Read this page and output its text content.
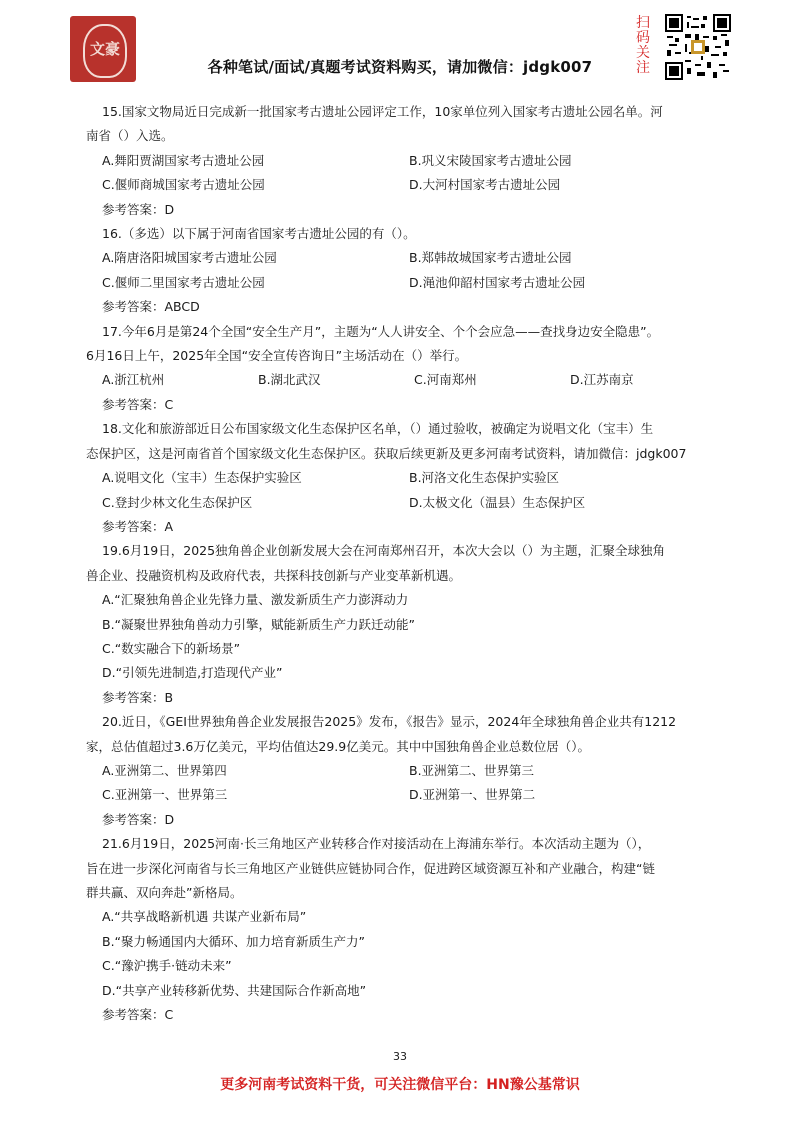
文豪
各种笔试/面试/真题考试资料购买，请加微信：jdgk007
扫码关注
15.国家文物局近日完成新一批国家考古遗址公园评定工作，10家单位列入国家考古遗址公园名单。河
南省（）入选。
A.舞阳贾湖国家考古遗址公园	B.巩义宋陵国家考古遗址公园
C.偃师商城国家考古遗址公园	D.大河村国家考古遗址公园
参考答案：D
16.（多选）以下属于河南省国家考古遗址公园的有（）。
A.隋唐洛阳城国家考古遗址公园	B.郑韩故城国家考古遗址公园
C.偃师二里国家考古遗址公园	D.渑池仰韶村国家考古遗址公园
参考答案：ABCD
17.今年6月是第24个全国“安全生产月”，主题为“人人讲安全、个个会应急——查找身边安全隐患”。
6月16日上午，2025年全国“安全宣传咨询日”主场活动在（）举行。
A.浙江杭州	B.湖北武汉	C.河南郑州	D.江苏南京
参考答案：C
18.文化和旅游部近日公布国家级文化生态保护区名单，（）通过验收，被确定为说唱文化（宝丰）生
态保护区，这是河南省首个国家级文化生态保护区。获取后续更新及更多河南考试资料，请加微信：jdgk007
A.说唱文化（宝丰）生态保护实验区	B.河洛文化生态保护实验区
C.登封少林文化生态保护区	D.太极文化（温县）生态保护区
参考答案：A
19.6月19日，2025独角兽企业创新发展大会在河南郑州召开，本次大会以（）为主题，汇聚全球独角
兽企业、投融资机构及政府代表，共探科技创新与产业变革新机遇。
A.“汇聚独角兽企业先锋力量、激发新质生产力澎湃动力
B.“凝聚世界独角兽动力引擎，赋能新质生产力跃迁动能”
C.“数实融合下的新场景”
D.“引领先进制造,打造现代产业”
参考答案：B
20.近日，《GEI世界独角兽企业发展报告2025》发布，《报告》显示，2024年全球独角兽企业共有1212
家，总估值超过3.6万亿美元，平均估值达29.9亿美元。其中中国独角兽企业总数位居（）。
A.亚洲第二、世界第四	B.亚洲第二、世界第三
C.亚洲第一、世界第三	D.亚洲第一、世界第二
参考答案：D
21.6月19日，2025河南·长三角地区产业转移合作对接活动在上海浦东举行。本次活动主题为（），
旨在进一步深化河南省与长三角地区产业链供应链协同合作，促进跨区域资源互补和产业融合，构建“链
群共赢、双向奔赴”新格局。
A.“共享战略新机遇 共谋产业新布局”
B.“聚力畅通国内大循环、加力培育新质生产力”
C.“豫沪携手·链动未来”
D.“共享产业转移新优势、共建国际合作新高地”
参考答案：C
33
更多河南考试资料干货，可关注微信平台：HN豫公基常识
